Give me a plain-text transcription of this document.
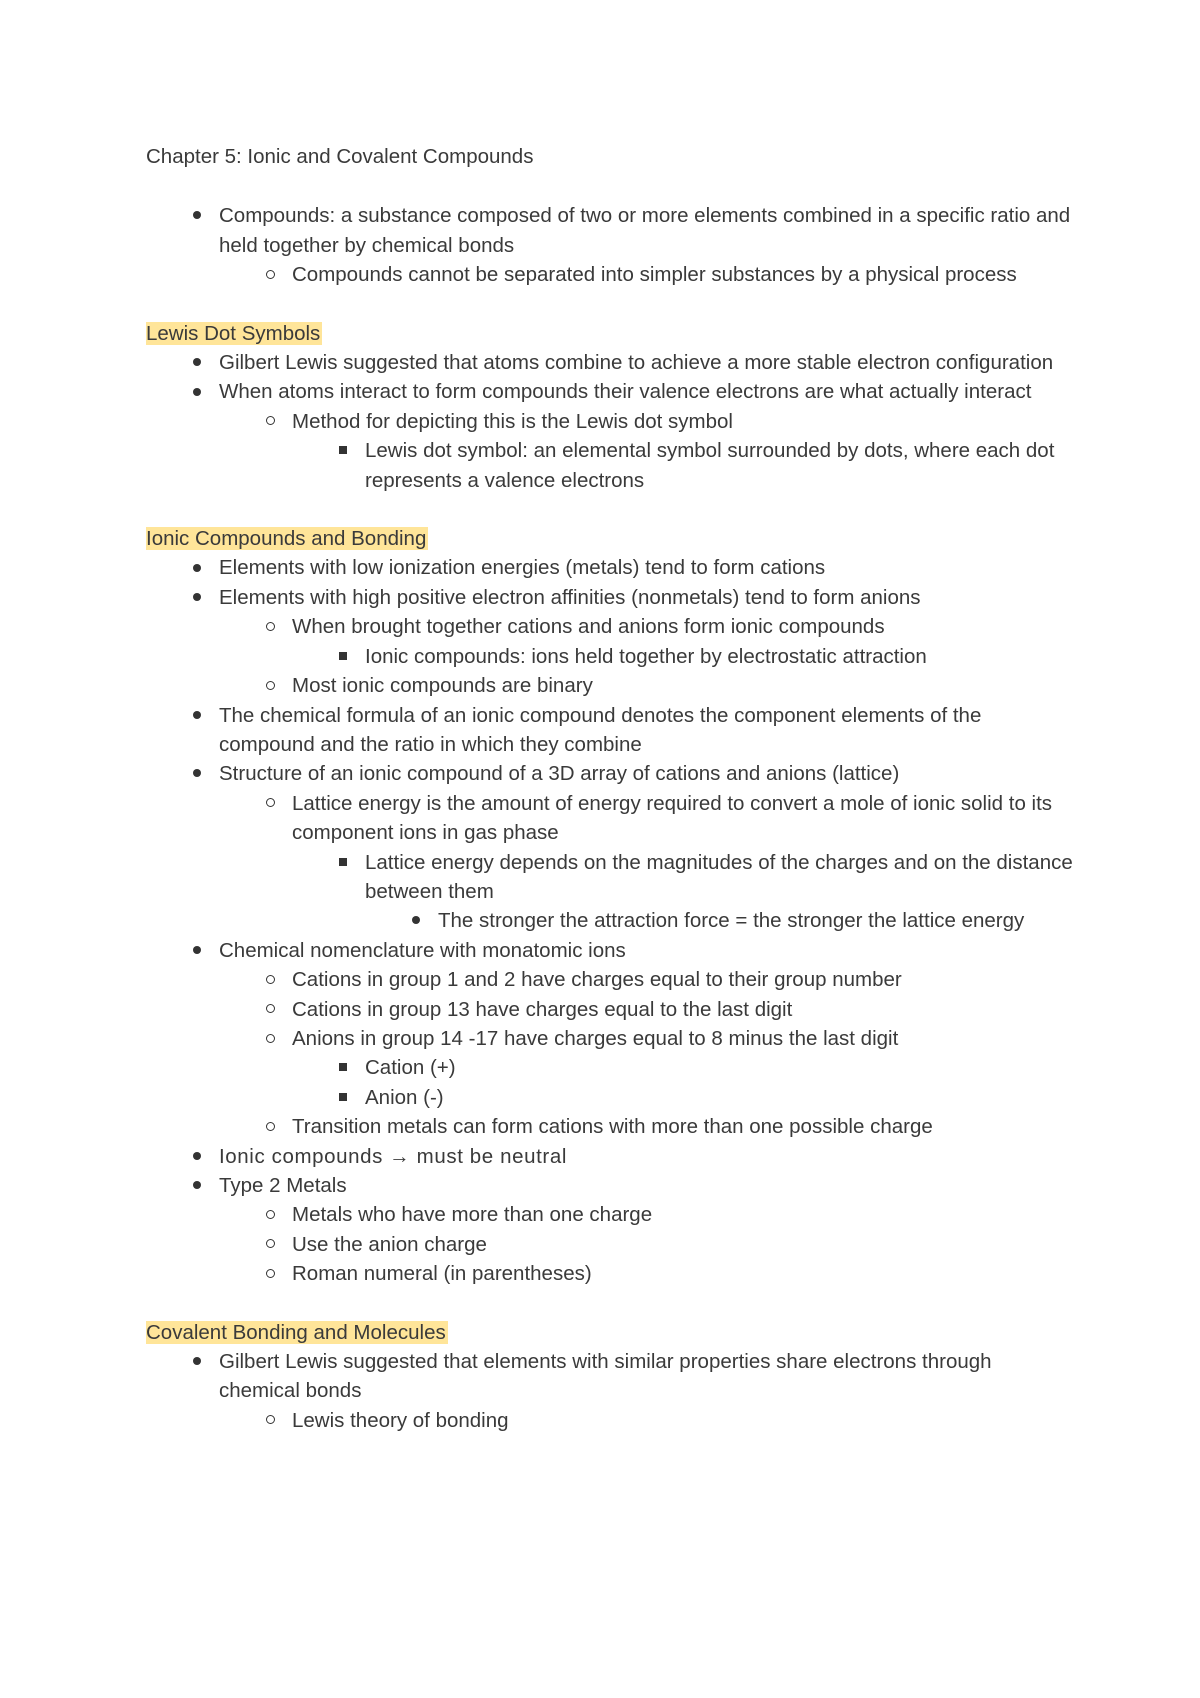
Chapter 5: Ionic and Covalent Compounds
Compounds: a substance composed of two or more elements combined in a specific ratio and held together by chemical bonds
Compounds cannot be separated into simpler substances by a physical process
Lewis Dot Symbols
Gilbert Lewis suggested that atoms combine to achieve a more stable electron configuration
When atoms interact to form compounds their valence electrons are what actually interact
Method for depicting this is the Lewis dot symbol
Lewis dot symbol: an elemental symbol surrounded by dots, where each dot represents a valence electrons
Ionic Compounds and Bonding
Elements with low ionization energies (metals) tend to form cations
Elements with high positive electron affinities (nonmetals) tend to form anions
When brought together cations and anions form ionic compounds
Ionic compounds: ions held together by electrostatic attraction
Most ionic compounds are binary
The chemical formula of an ionic compound denotes the component elements of the compound and the ratio in which they combine
Structure of an ionic compound of a 3D array of cations and anions (lattice)
Lattice energy is the amount of energy required to convert a mole of ionic solid to its component ions in gas phase
Lattice energy depends on the magnitudes of the charges and on the distance between them
The stronger the attraction force = the stronger the lattice energy
Chemical nomenclature with monatomic ions
Cations in group 1 and 2 have charges equal to their group number
Cations in group 13 have charges equal to the last digit
Anions in group 14 -17 have charges equal to 8 minus the last digit
Cation (+)
Anion (-)
Transition metals can form cations with more than one possible charge
Ionic compounds → must be neutral
Type 2 Metals
Metals who have more than one charge
Use the anion charge
Roman numeral (in parentheses)
Covalent Bonding and Molecules
Gilbert Lewis suggested that elements with similar properties share electrons through chemical bonds
Lewis theory of bonding
